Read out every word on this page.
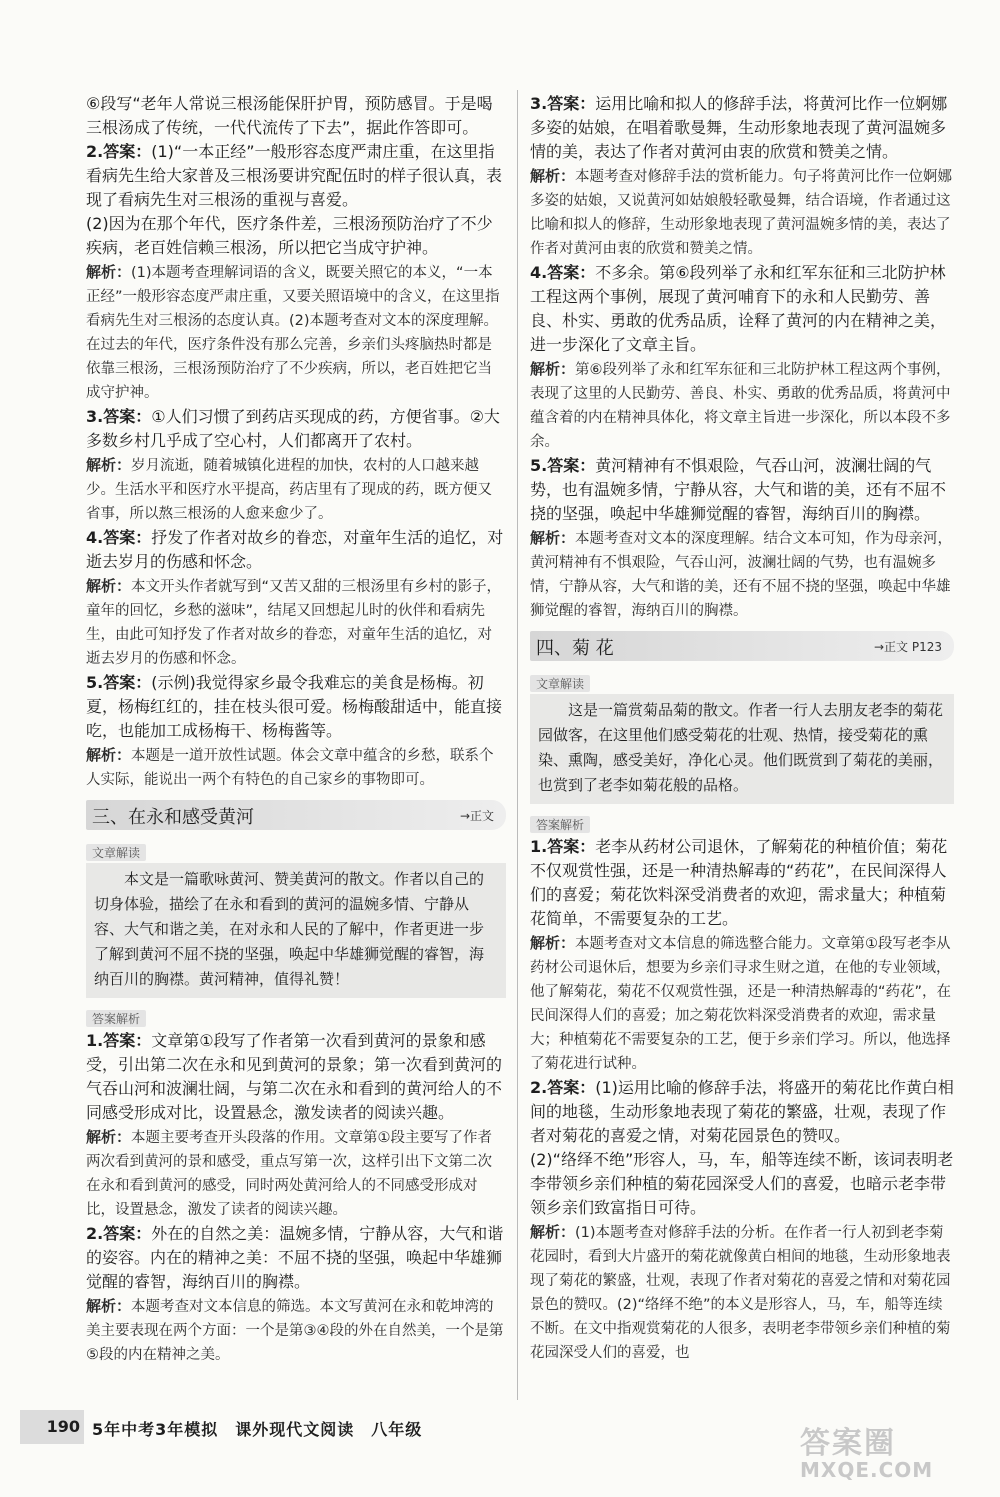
⑥段写“老年人常说三根汤能保肝护胃，预防感冒。于是喝三根汤成了传统，一代代流传了下去”，据此作答即可。

2.答案：(1)“一本正经”一般形容态度严肃庄重，在这里指看病先生给大家普及三根汤要讲究配伍时的样子很认真，表现了看病先生对三根汤的重视与喜爱。

(2)因为在那个年代，医疗条件差，三根汤预防治疗了不少疾病，老百姓信赖三根汤，所以把它当成守护神。

解析：(1)本题考查理解词语的含义，既要关照它的本义，“一本正经”一般形容态度严肃庄重，又要关照语境中的含义，在这里指看病先生对三根汤的态度认真。(2)本题考查对文本的深度理解。在过去的年代，医疗条件没有那么完善，乡亲们头疼脑热时都是依靠三根汤，三根汤预防治疗了不少疾病，所以，老百姓把它当成守护神。

3.答案：①人们习惯了到药店买现成的药，方便省事。②大多数乡村几乎成了空心村，人们都离开了农村。

解析：岁月流逝，随着城镇化进程的加快，农村的人口越来越少。生活水平和医疗水平提高，药店里有了现成的药，既方便又省事，所以熬三根汤的人愈来愈少了。

4.答案：抒发了作者对故乡的眷恋，对童年生活的追忆，对逝去岁月的伤感和怀念。

解析：本文开头作者就写到“又苦又甜的三根汤里有乡村的影子，童年的回忆，乡愁的滋味”，结尾又回想起儿时的伙伴和看病先生，由此可知抒发了作者对故乡的眷恋，对童年生活的追忆，对逝去岁月的伤感和怀念。

5.答案：(示例)我觉得家乡最令我难忘的美食是杨梅。初夏，杨梅红红的，挂在枝头很可爱。杨梅酸甜适中，能直接吃，也能加工成杨梅干、杨梅酱等。

解析：本题是一道开放性试题。体会文章中蕴含的乡愁，联系个人实际，能说出一两个有特色的自己家乡的事物即可。

三、在永和感受黄河	→正文
文章解读
本文是一篇歌咏黄河、赞美黄河的散文。作者以自己的切身体验，描绘了在永和看到的黄河的温婉多情、宁静从容、大气和谐之美，在对永和人民的了解中，作者更进一步了解到黄河不屈不挠的坚强，唤起中华雄狮觉醒的睿智，海纳百川的胸襟。黄河精神，值得礼赞！
答案解析

1.答案：文章第①段写了作者第一次看到黄河的景象和感受，引出第二次在永和见到黄河的景象；第一次看到黄河的气吞山河和波澜壮阔，与第二次在永和看到的黄河给人的不同感受形成对比，设置悬念，激发读者的阅读兴趣。

解析：本题主要考查开头段落的作用。文章第①段主要写了作者两次看到黄河的景和感受，重点写第一次，这样引出下文第二次在永和看到黄河的感受，同时两处黄河给人的不同感受形成对比，设置悬念，激发了读者的阅读兴趣。

2.答案：外在的自然之美：温婉多情，宁静从容，大气和谐的姿容。内在的精神之美：不屈不挠的坚强，唤起中华雄狮觉醒的睿智，海纳百川的胸襟。

解析：本题考查对文本信息的筛选。本文写黄河在永和乾坤湾的美主要表现在两个方面：一个是第③④段的外在自然美，一个是第⑤段的内在精神之美。

3.答案：运用比喻和拟人的修辞手法，将黄河比作一位婀娜多姿的姑娘，在唱着歌曼舞，生动形象地表现了黄河温婉多情的美，表达了作者对黄河由衷的欣赏和赞美之情。

解析：本题考查对修辞手法的赏析能力。句子将黄河比作一位婀娜多姿的姑娘，又说黄河如姑娘般轻歌曼舞，结合语境，作者通过这比喻和拟人的修辞，生动形象地表现了黄河温婉多情的美，表达了作者对黄河由衷的欣赏和赞美之情。

4.答案：不多余。第⑥段列举了永和红军东征和三北防护林工程这两个事例，展现了黄河哺育下的永和人民勤劳、善良、朴实、勇敢的优秀品质，诠释了黄河的内在精神之美，进一步深化了文章主旨。

解析：第⑥段列举了永和红军东征和三北防护林工程这两个事例，表现了这里的人民勤劳、善良、朴实、勇敢的优秀品质，将黄河中蕴含着的内在精神具体化，将文章主旨进一步深化，所以本段不多余。

5.答案：黄河精神有不惧艰险，气吞山河，波澜壮阔的气势，也有温婉多情，宁静从容，大气和谐的美，还有不屈不挠的坚强，唤起中华雄狮觉醒的睿智，海纳百川的胸襟。

解析：本题考查对文本的深度理解。结合文本可知，作为母亲河，黄河精神有不惧艰险，气吞山河，波澜壮阔的气势，也有温婉多情，宁静从容，大气和谐的美，还有不屈不挠的坚强，唤起中华雄狮觉醒的睿智，海纳百川的胸襟。

四、菊 花	→正文 P123
文章解读
这是一篇赏菊品菊的散文。作者一行人去朋友老李的菊花园做客，在这里他们感受菊花的壮观、热情，接受菊花的熏染、熏陶，感受美好，净化心灵。他们既赏到了菊花的美丽，也赏到了老李如菊花般的品格。
答案解析

1.答案：老李从药材公司退休，了解菊花的种植价值；菊花不仅观赏性强，还是一种清热解毒的“药花”，在民间深得人们的喜爱；菊花饮料深受消费者的欢迎，需求量大；种植菊花简单，不需要复杂的工艺。

解析：本题考查对文本信息的筛选整合能力。文章第①段写老李从药材公司退休后，想要为乡亲们寻求生财之道，在他的专业领域，他了解菊花，菊花不仅观赏性强，还是一种清热解毒的“药花”，在民间深得人们的喜爱；加之菊花饮料深受消费者的欢迎，需求量大；种植菊花不需要复杂的工艺，便于乡亲们学习。所以，他选择了菊花进行试种。

2.答案：(1)运用比喻的修辞手法，将盛开的菊花比作黄白相间的地毯，生动形象地表现了菊花的繁盛，壮观，表现了作者对菊花的喜爱之情，对菊花园景色的赞叹。

(2)“络绎不绝”形容人，马，车，船等连续不断，该词表明老李带领乡亲们种植的菊花园深受人们的喜爱，也暗示老李带领乡亲们致富指日可待。

解析：(1)本题考查对修辞手法的分析。在作者一行人初到老李菊花园时，看到大片盛开的菊花就像黄白相间的地毯，生动形象地表现了菊花的繁盛，壮观，表现了作者对菊花的喜爱之情和对菊花园景色的赞叹。(2)“络绎不绝”的本义是形容人，马，车，船等连续不断。在文中指观赏菊花的人很多，表明老李带领乡亲们种植的菊花园深受人们的喜爱，也

190 5年中考3年模拟　课外现代文阅读　八年级	答案圈
MXQE.COM
